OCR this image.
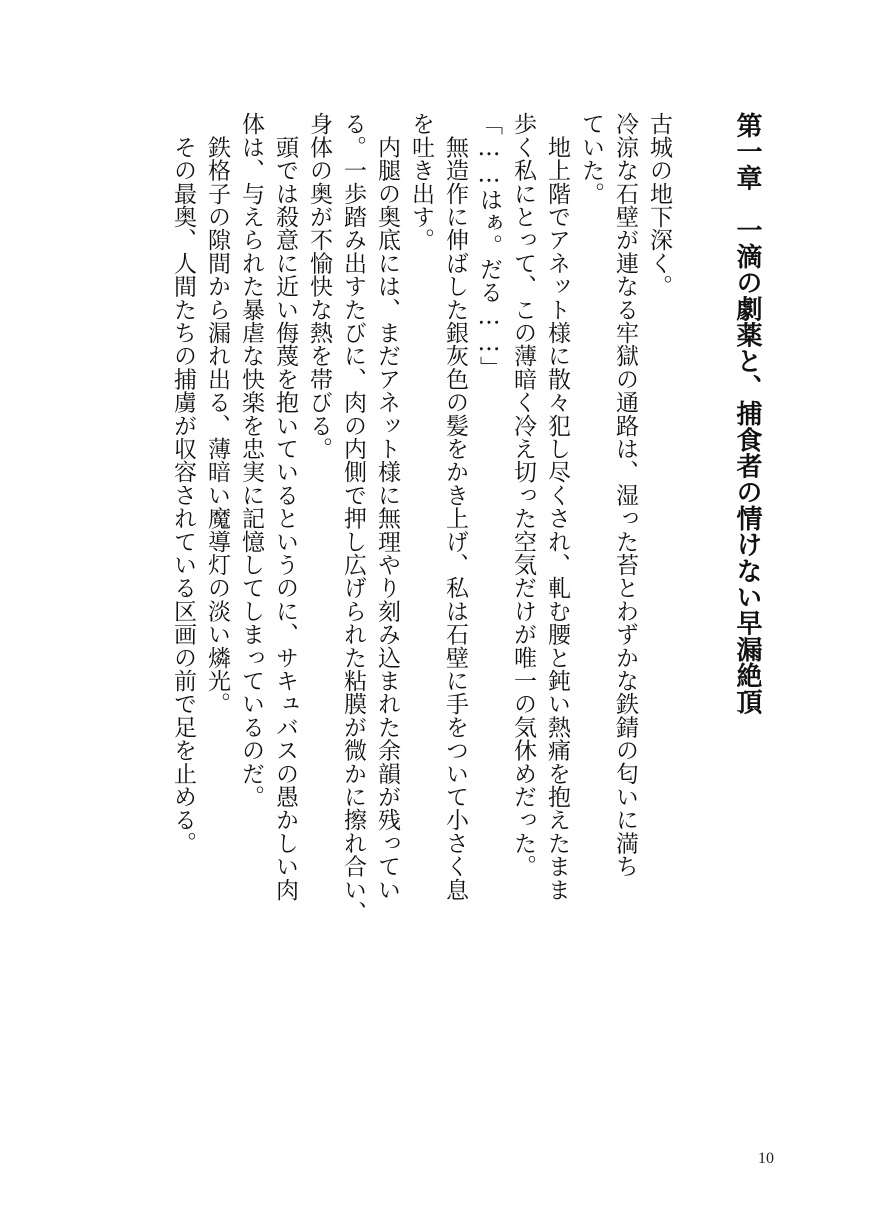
第一章　一滴の劇薬と、捕食者の情けない早漏絶頂

古城の地下深く。

冷涼な石壁が連なる牢獄の通路は、湿った苔とわずかな鉄錆の匂いに満ち
ていた。

　地上階でアネット様に散々犯し尽くされ、軋む腰と鈍い熱痛を抱えたまま
歩く私にとって、この薄暗く冷え切った空気だけが唯一の気休めだった。

「……はぁ。だる……」

　無造作に伸ばした銀灰色の髪をかき上げ、私は石壁に手をついて小さく息
を吐き出す。

　内腿の奥底には、まだアネット様に無理やり刻み込まれた余韻が残ってい
る。一歩踏み出すたびに、肉の内側で押し広げられた粘膜が微かに擦れ合い、
身体の奥が不愉快な熱を帯びる。

　頭では殺意に近い侮蔑を抱いているというのに、サキュバスの愚かしい肉
体は、与えられた暴虐な快楽を忠実に記憶してしまっているのだ。

　鉄格子の隙間から漏れ出る、薄暗い魔導灯の淡い燐光。

　その最奥、人間たちの捕虜が収容されている区画の前で足を止める。

10
